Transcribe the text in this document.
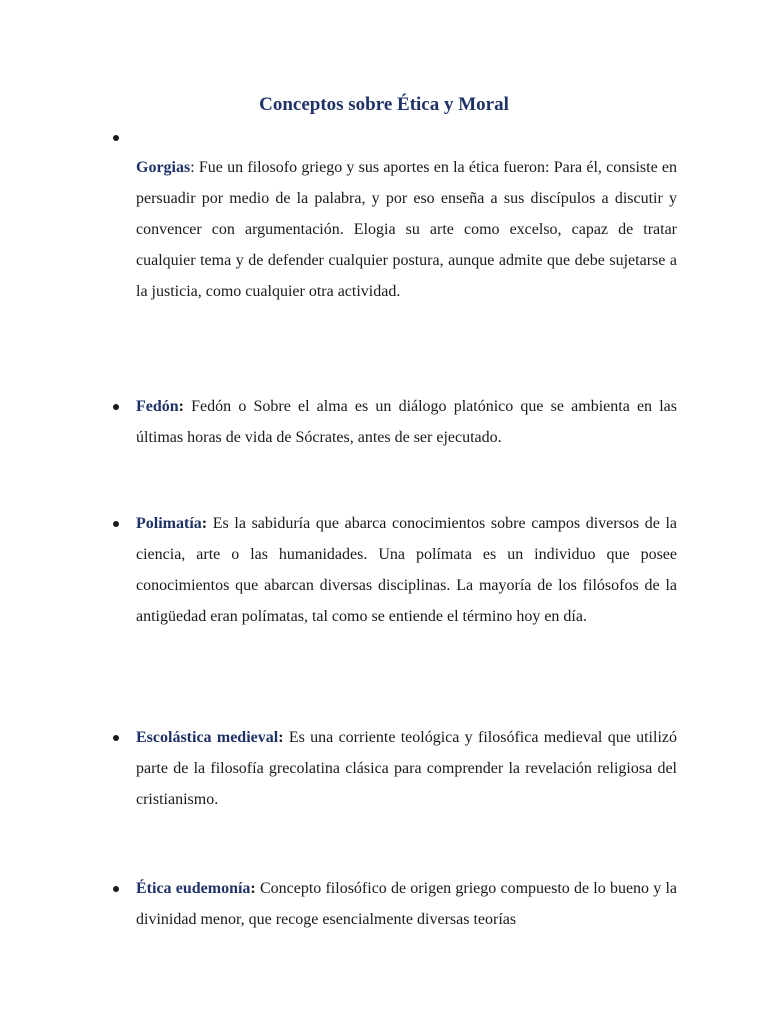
Conceptos sobre Ética y Moral

Gorgias: Fue un filosofo griego y sus aportes en la ética fueron: Para él, consiste en persuadir por medio de la palabra, y por eso enseña a sus discípulos a discutir y convencer con argumentación. Elogia su arte como excelso, capaz de tratar cualquier tema y de defender cualquier postura, aunque admite que debe sujetarse a la justicia, como cualquier otra actividad.

Fedón: Fedón o Sobre el alma es un diálogo platónico que se ambienta en las últimas horas de vida de Sócrates, antes de ser ejecutado.

Polimatía: Es la sabiduría que abarca conocimientos sobre campos diversos de la ciencia, arte o las humanidades. Una polímata es un individuo que posee conocimientos que abarcan diversas disciplinas. La mayoría de los filósofos de la antigüedad eran polímatas, tal como se entiende el término hoy en día.

Escolástica medieval: Es una corriente teológica y filosófica medieval que utilizó parte de la filosofía grecolatina clásica para comprender la revelación religiosa del cristianismo.

Ética eudemonía: Concepto filosófico de origen griego compuesto de lo bueno y la divinidad menor, que recoge esencialmente diversas teorías
